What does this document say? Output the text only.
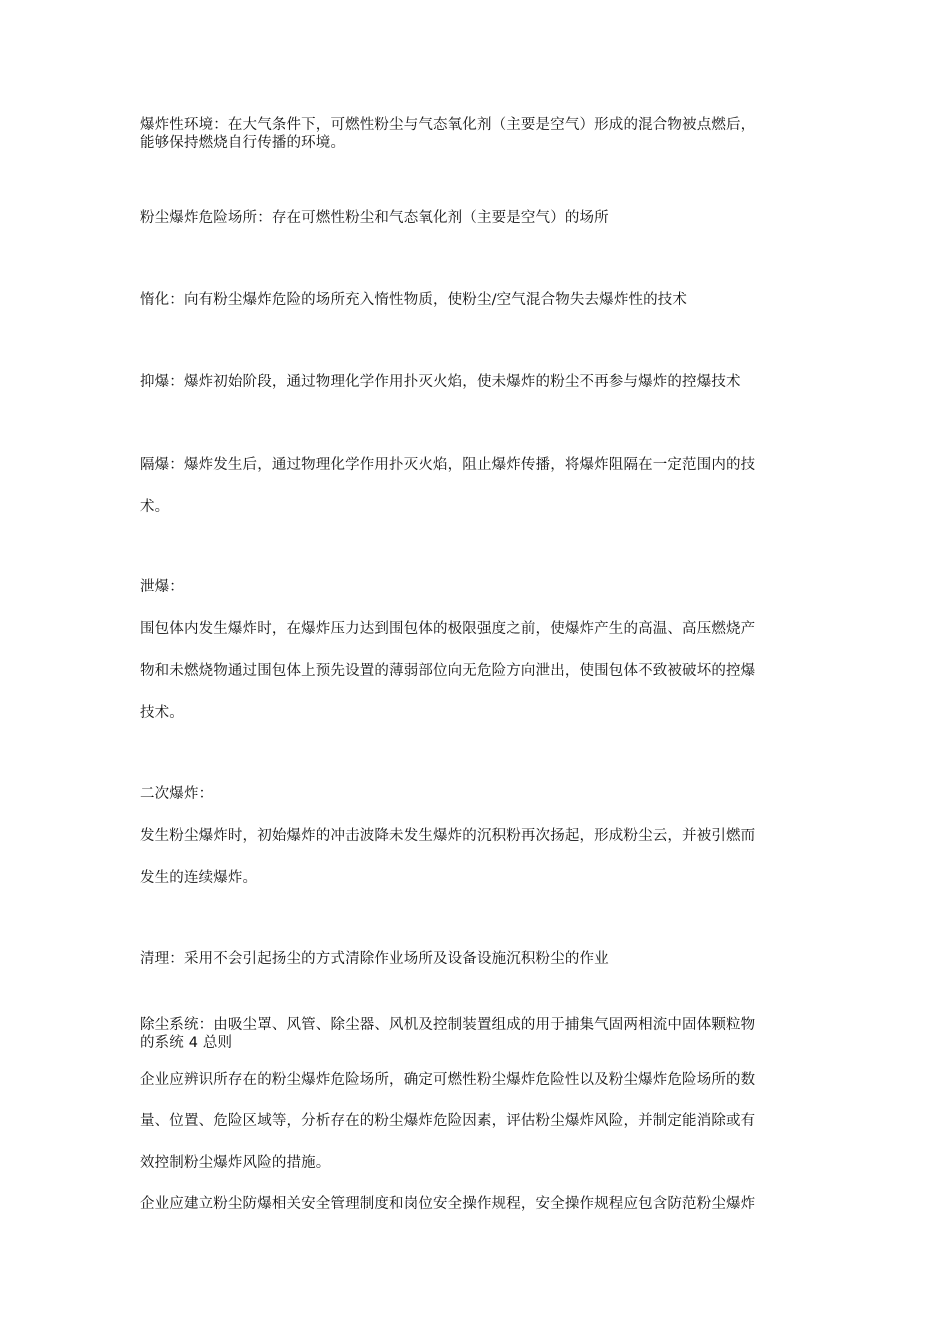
爆炸性环境：在大气条件下，可燃性粉尘与气态氧化剂（主要是空气）形成的混合物被点燃后，
能够保持燃烧自行传播的环境。
粉尘爆炸危险场所：存在可燃性粉尘和气态氧化剂（主要是空气）的场所
惰化：向有粉尘爆炸危险的场所充入惰性物质，使粉尘/空气混合物失去爆炸性的技术
抑爆：爆炸初始阶段，通过物理化学作用扑灭火焰，使未爆炸的粉尘不再参与爆炸的控爆技术
隔爆：爆炸发生后，通过物理化学作用扑灭火焰，阻止爆炸传播，将爆炸阻隔在一定范围内的技
术。
泄爆：
围包体内发生爆炸时，在爆炸压力达到围包体的极限强度之前，使爆炸产生的高温、高压燃烧产
物和未燃烧物通过围包体上预先设置的薄弱部位向无危险方向泄出，使围包体不致被破坏的控爆
技术。
二次爆炸：
发生粉尘爆炸时，初始爆炸的冲击波降未发生爆炸的沉积粉再次扬起，形成粉尘云，并被引燃而
发生的连续爆炸。
清理：采用不会引起扬尘的方式清除作业场所及设备设施沉积粉尘的作业
除尘系统：由吸尘罩、风管、除尘器、风机及控制装置组成的用于捕集气固两相流中固体颗粒物
的系统 4 总则
企业应辨识所存在的粉尘爆炸危险场所，确定可燃性粉尘爆炸危险性以及粉尘爆炸危险场所的数
量、位置、危险区域等，分析存在的粉尘爆炸危险因素，评估粉尘爆炸风险，并制定能消除或有
效控制粉尘爆炸风险的措施。
企业应建立粉尘防爆相关安全管理制度和岗位安全操作规程，安全操作规程应包含防范粉尘爆炸
